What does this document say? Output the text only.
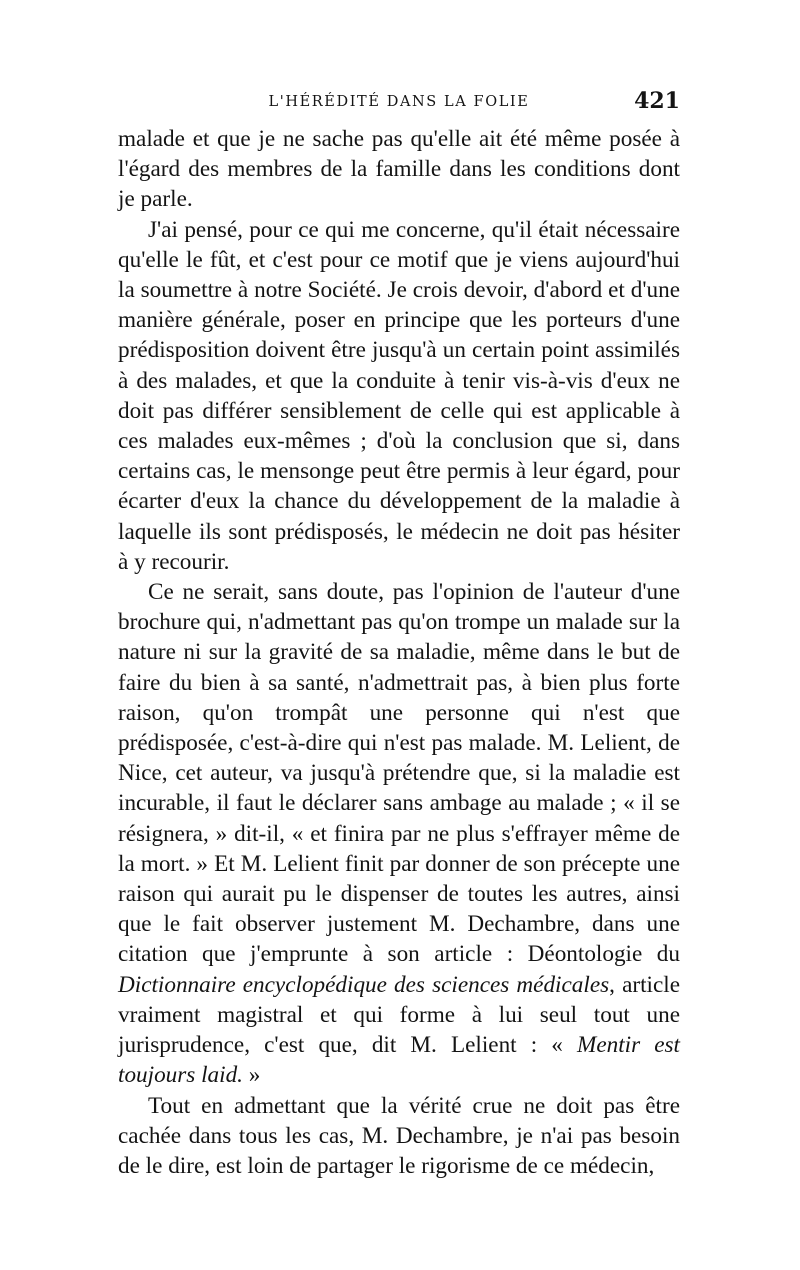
L'HÉRÉDITÉ DANS LA FOLIE	421

malade et que je ne sache pas qu'elle ait été même posée à l'égard des membres de la famille dans les conditions dont je parle.

J'ai pensé, pour ce qui me concerne, qu'il était nécessaire qu'elle le fût, et c'est pour ce motif que je viens aujourd'hui la soumettre à notre Société. Je crois devoir, d'abord et d'une manière générale, poser en principe que les porteurs d'une prédisposition doivent être jusqu'à un certain point assimilés à des malades, et que la conduite à tenir vis-à-vis d'eux ne doit pas différer sensiblement de celle qui est applicable à ces malades eux-mêmes ; d'où la conclusion que si, dans certains cas, le mensonge peut être permis à leur égard, pour écarter d'eux la chance du développement de la maladie à laquelle ils sont prédisposés, le médecin ne doit pas hésiter à y recourir.

Ce ne serait, sans doute, pas l'opinion de l'auteur d'une brochure qui, n'admettant pas qu'on trompe un malade sur la nature ni sur la gravité de sa maladie, même dans le but de faire du bien à sa santé, n'admettrait pas, à bien plus forte raison, qu'on trompât une personne qui n'est que prédisposée, c'est-à-dire qui n'est pas malade. M. Lelient, de Nice, cet auteur, va jusqu'à prétendre que, si la maladie est incurable, il faut le déclarer sans ambage au malade ; « il se résignera, » dit-il, « et finira par ne plus s'effrayer même de la mort. » Et M. Lelient finit par donner de son précepte une raison qui aurait pu le dispenser de toutes les autres, ainsi que le fait observer justement M. Dechambre, dans une citation que j'emprunte à son article : Déontologie du Dictionnaire encyclopédique des sciences médicales, article vraiment magistral et qui forme à lui seul tout une jurisprudence, c'est que, dit M. Lelient : « Mentir est toujours laid. »

Tout en admettant que la vérité crue ne doit pas être cachée dans tous les cas, M. Dechambre, je n'ai pas besoin de le dire, est loin de partager le rigorisme de ce médecin,
